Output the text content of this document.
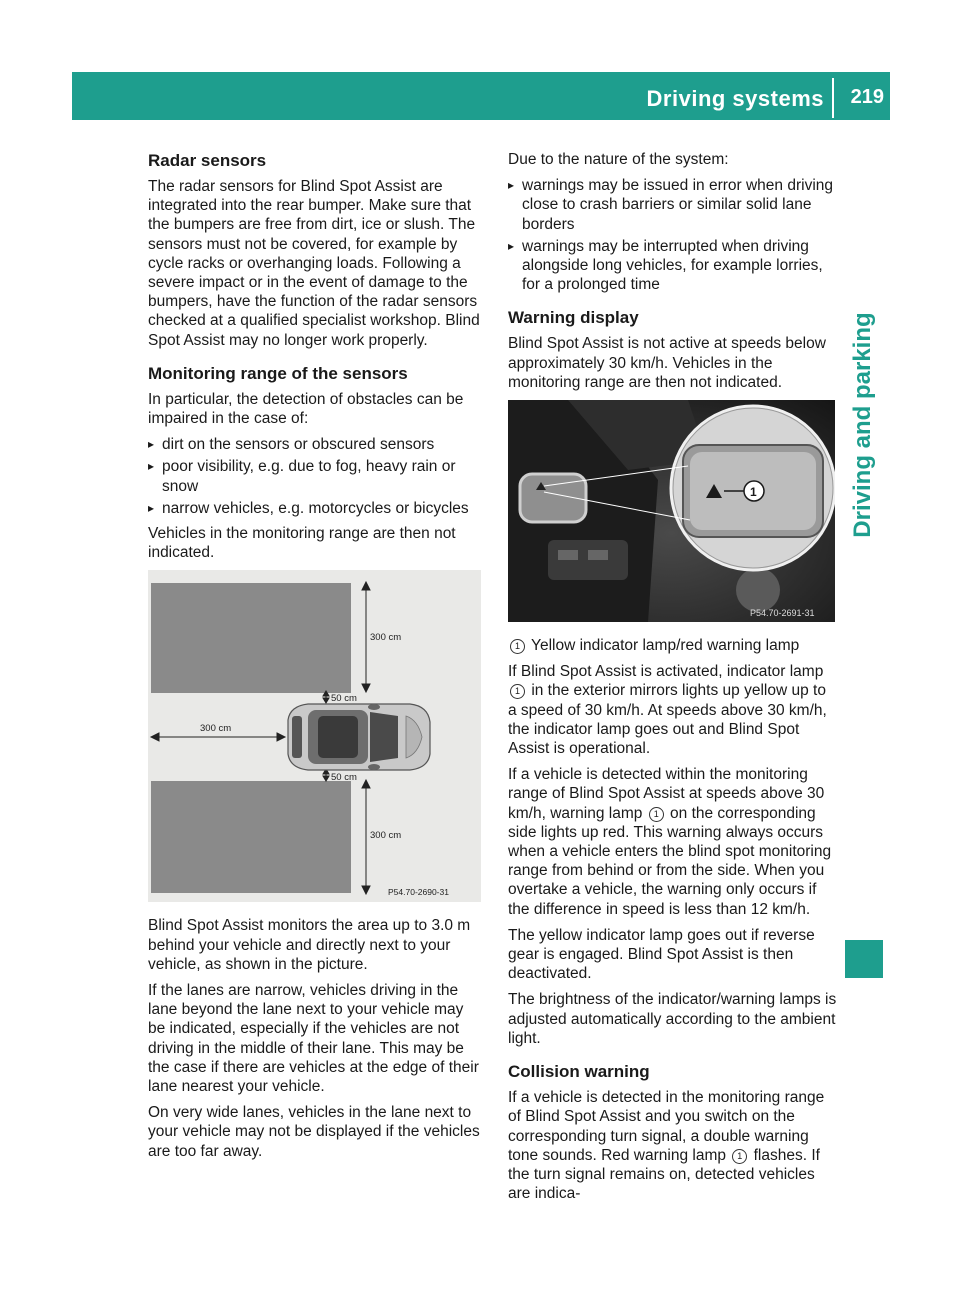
Driving systems 219
Driving and parking
Radar sensors

The radar sensors for Blind Spot Assist are integrated into the rear bumper. Make sure that the bumpers are free from dirt, ice or slush. The sensors must not be covered, for example by cycle racks or overhanging loads. Following a severe impact or in the event of damage to the bumpers, have the function of the radar sensors checked at a qualified specialist workshop. Blind Spot Assist may no longer work properly.

Monitoring range of the sensors

In particular, the detection of obstacles can be impaired in the case of:

▸ dirt on the sensors or obscured sensors
▸ poor visibility, e.g. due to fog, heavy rain or snow
▸ narrow vehicles, e.g. motorcycles or bicycles

Vehicles in the monitoring range are then not indicated.

300 cm
50 cm
300 cm
50 cm
300 cm
P54.70-2690-31

Blind Spot Assist monitors the area up to 3.0 m behind your vehicle and directly next to your vehicle, as shown in the picture.

If the lanes are narrow, vehicles driving in the lane beyond the lane next to your vehicle may be indicated, especially if the vehicles are not driving in the middle of their lane. This may be the case if there are vehicles at the edge of their lane nearest your vehicle.

On very wide lanes, vehicles in the lane next to your vehicle may not be displayed if the vehicles are too far away.

Due to the nature of the system:

▸ warnings may be issued in error when driving close to crash barriers or similar solid lane borders
▸ warnings may be interrupted when driving alongside long vehicles, for example lorries, for a prolonged time
Warning display

Blind Spot Assist is not active at speeds below approximately 30 km/h. Vehicles in the monitoring range are then not indicated.

1
P54.70-2691-31

1 Yellow indicator lamp/red warning lamp

If Blind Spot Assist is activated, indicator lamp 1 in the exterior mirrors lights up yellow up to a speed of 30 km/h. At speeds above 30 km/h, the indicator lamp goes out and Blind Spot Assist is operational.

If a vehicle is detected within the monitoring range of Blind Spot Assist at speeds above 30 km/h, warning lamp 1 on the corresponding side lights up red. This warning always occurs when a vehicle enters the blind spot monitoring range from behind or from the side. When you overtake a vehicle, the warning only occurs if the difference in speed is less than 12 km/h.

The yellow indicator lamp goes out if reverse gear is engaged. Blind Spot Assist is then deactivated.

The brightness of the indicator/warning lamps is adjusted automatically according to the ambient light.

Collision warning

If a vehicle is detected in the monitoring range of Blind Spot Assist and you switch on the corresponding turn signal, a double warning tone sounds. Red warning lamp 1 flashes. If the turn signal remains on, detected vehicles are indica-
